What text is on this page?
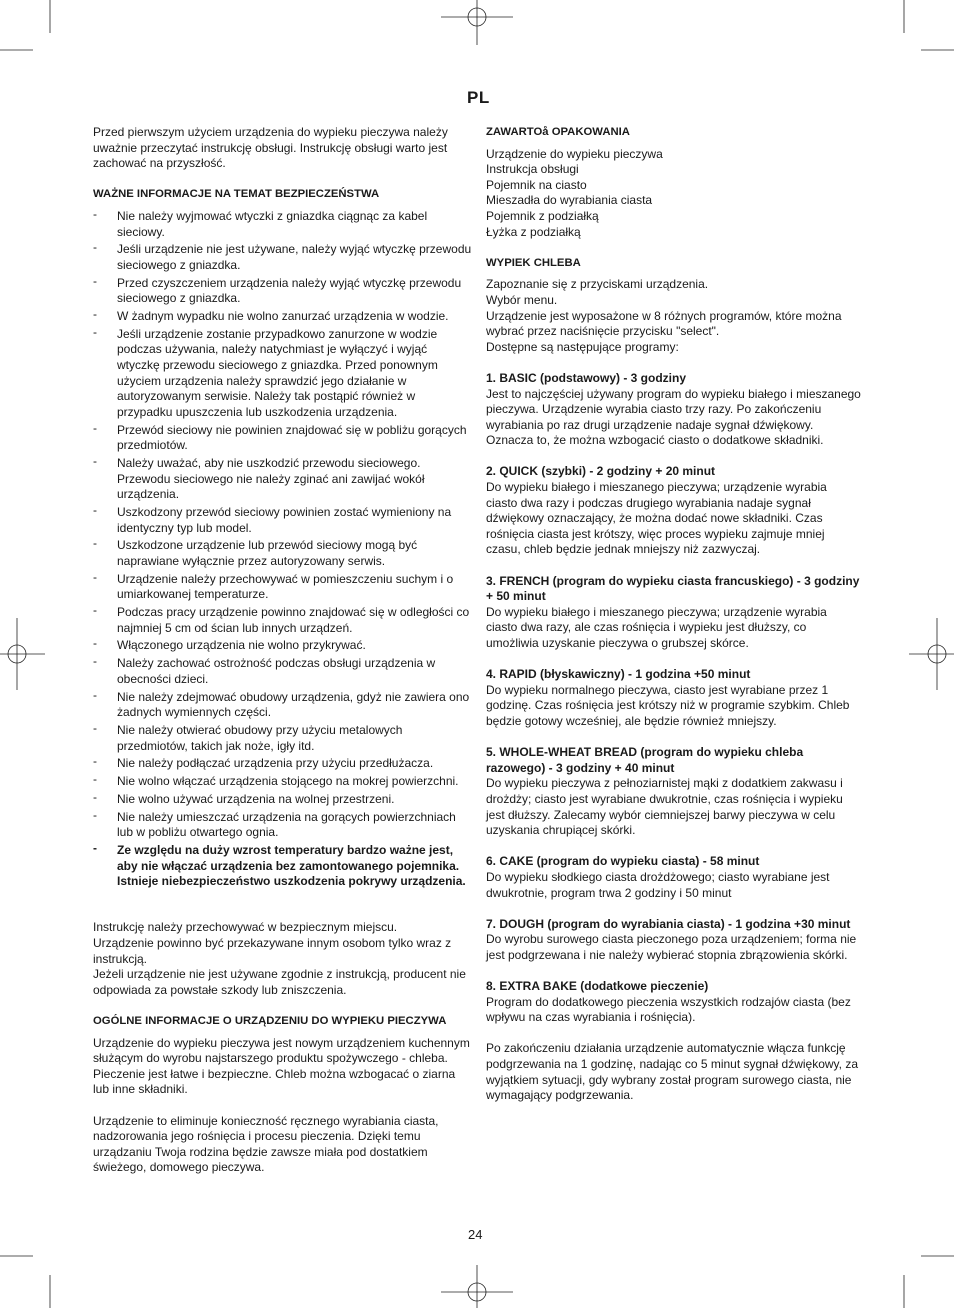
PL

Przed pierwszym użyciem urządzenia do wypieku pieczywa należy uważnie przeczytać instrukcję obsługi. Instrukcję obsługi warto jest zachować na przyszłość.

WAŻNE INFORMACJE NA TEMAT BEZPIECZEŃSTWA
- Nie należy wyjmować wtyczki z gniazdka ciągnąc za kabel sieciowy.
- Jeśli urządzenie nie jest używane, należy wyjąć wtyczkę przewodu sieciowego z gniazdka.
- Przed czyszczeniem urządzenia należy wyjąć wtyczkę przewodu sieciowego z gniazdka.
- W żadnym wypadku nie wolno zanurzać urządzenia w wodzie.
- Jeśli urządzenie zostanie przypadkowo zanurzone w wodzie podczas używania, należy natychmiast je wyłączyć i wyjąć wtyczkę przewodu sieciowego z gniazdka. Przed ponownym użyciem urządzenia należy sprawdzić jego działanie w autoryzowanym serwisie. Należy tak postąpić również w przypadku upuszczenia lub uszkodzenia urządzenia.
- Przewód sieciowy nie powinien znajdować się w pobliżu gorących przedmiotów.
- Należy uważać, aby nie uszkodzić przewodu sieciowego. Przewodu sieciowego nie należy zginać ani zawijać wokół urządzenia.
- Uszkodzony przewód sieciowy powinien zostać wymieniony na identyczny typ lub model.
- Uszkodzone urządzenie lub przewód sieciowy mogą być naprawiane wyłącznie przez autoryzowany serwis.
- Urządzenie należy przechowywać w pomieszczeniu suchym i o umiarkowanej temperaturze.
- Podczas pracy urządzenie powinno znajdować się w odległości co najmniej 5 cm od ścian lub innych urządzeń.
- Włączonego urządzenia nie wolno przykrywać.
- Należy zachować ostrożność podczas obsługi urządzenia w obecności dzieci.
- Nie należy zdejmować obudowy urządzenia, gdyż nie zawiera ono żadnych wymiennych części.
- Nie należy otwierać obudowy przy użyciu metalowych przedmiotów, takich jak noże, igły itd.
- Nie należy podłączać urządzenia przy użyciu przedłużacza.
- Nie wolno włączać urządzenia stojącego na mokrej powierzchni.
- Nie wolno używać urządzenia na wolnej przestrzeni.
- Nie należy umieszczać urządzenia na gorących powierzchniach lub w pobliżu otwartego ognia.
- Ze względu na duży wzrost temperatury bardzo ważne jest, aby nie włączać urządzenia bez zamontowanego pojemnika. Istnieje niebezpieczeństwo uszkodzenia pokrywy urządzenia.

Instrukcję należy przechowywać w bezpiecznym miejscu.

Urządzenie powinno być przekazywane innym osobom tylko wraz z instrukcją.

Jeżeli urządzenie nie jest używane zgodnie z instrukcją, producent nie odpowiada za powstałe szkody lub zniszczenia.

OGÓLNE INFORMACJE O URZĄDZENIU DO WYPIEKU PIECZYWA

Urządzenie do wypieku pieczywa jest nowym urządzeniem kuchennym służącym do wyrobu najstarszego produktu spożywczego - chleba. Pieczenie jest łatwe i bezpieczne. Chleb można wzbogacać o ziarna lub inne składniki.

Urządzenie to eliminuje konieczność ręcznego wyrabiania ciasta, nadzorowania jego rośnięcia i procesu pieczenia. Dzięki temu urządzaniu Twoja rodzina będzie zawsze miała pod dostatkiem świeżego, domowego pieczywa.

ZAWARTOå OPAKOWANIA
Urządzenie do wypieku pieczywa
Instrukcja obsługi
Pojemnik na ciasto
Mieszadła do wyrabiania ciasta
Pojemnik z podziałką
Łyżka z podziałką
WYPIEK CHLEBA

Zapoznanie się z przyciskami urządzenia.

Wybór menu.

Urządzenie jest wyposażone w 8 różnych programów, które można wybrać przez naciśnięcie przycisku "select".

Dostępne są następujące programy:

1. BASIC (podstawowy) - 3 godziny
Jest to najczęściej używany program do wypieku białego i mieszanego pieczywa. Urządzenie wyrabia ciasto trzy razy. Po zakończeniu wyrabiania po raz drugi urządzenie nadaje sygnał dźwiękowy. Oznacza to, że można wzbogacić ciasto o dodatkowe składniki.
2. QUICK (szybki) - 2 godziny + 20 minut
Do wypieku białego i mieszanego pieczywa; urządzenie wyrabia ciasto dwa razy i podczas drugiego wyrabiania nadaje sygnał dźwiękowy oznaczający, że można dodać nowe składniki. Czas rośnięcia ciasta jest krótszy, więc proces wypieku zajmuje mniej czasu, chleb będzie jednak mniejszy niż zazwyczaj.
3. FRENCH (program do wypieku ciasta francuskiego) - 3 godziny + 50 minut
Do wypieku białego i mieszanego pieczywa; urządzenie wyrabia ciasto dwa razy, ale czas rośnięcia i wypieku jest dłuższy, co umożliwia uzyskanie pieczywa o grubszej skórce.
4. RAPID (błyskawiczny) - 1 godzina +50 minut
Do wypieku normalnego pieczywa, ciasto jest wyrabiane przez 1 godzinę. Czas rośnięcia jest krótszy niż w programie szybkim. Chleb będzie gotowy wcześniej, ale będzie również mniejszy.
5. WHOLE-WHEAT BREAD (program do wypieku chleba razowego) - 3 godziny + 40 minut
Do wypieku pieczywa z pełnoziarnistej mąki z dodatkiem zakwasu i drożdży; ciasto jest wyrabiane dwukrotnie, czas rośnięcia i wypieku jest dłuższy. Zalecamy wybór ciemniejszej barwy pieczywa w celu uzyskania chrupiącej skórki.
6. CAKE (program do wypieku ciasta) - 58 minut
Do wypieku słodkiego ciasta drożdżowego; ciasto wyrabiane jest dwukrotnie, program trwa 2 godziny i 50 minut
7. DOUGH (program do wyrabiania ciasta) - 1 godzina +30 minut
Do wyrobu surowego ciasta pieczonego poza urządzeniem; forma nie jest podgrzewana i nie należy wybierać stopnia zbrązowienia skórki.
8. EXTRA BAKE (dodatkowe pieczenie)
Program do dodatkowego pieczenia wszystkich rodzajów ciasta (bez wpływu na czas wyrabiania i rośnięcia).

Po zakończeniu działania urządzenie automatycznie włącza funkcję podgrzewania na 1 godzinę, nadając co 5 minut sygnał dźwiękowy, za wyjątkiem sytuacji, gdy wybrany został program surowego ciasta, nie wymagający podgrzewania.

24
